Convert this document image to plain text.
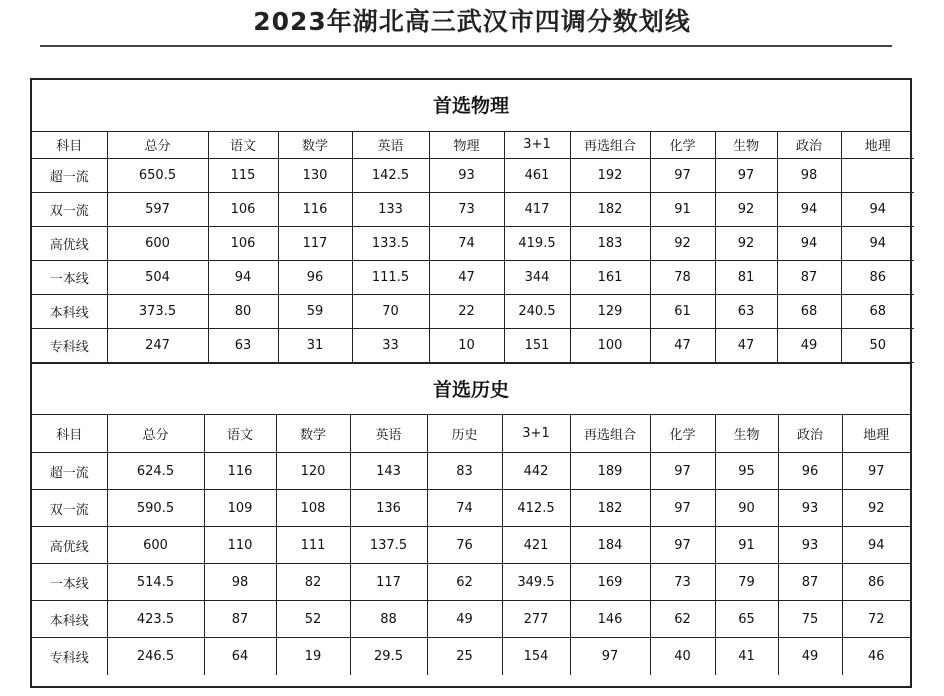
2023年湖北高三武汉市四调分数划线
首选物理
科目	总分	语文	数学	英语	物理	3+1	再选组合	化学	生物	政治	地理
超一流	650.5	115	130	142.5	93	461	192	97	97	98	
双一流	597	106	116	133	73	417	182	91	92	94	94
高优线	600	106	117	133.5	74	419.5	183	92	92	94	94
一本线	504	94	96	111.5	47	344	161	78	81	87	86
本科线	373.5	80	59	70	22	240.5	129	61	63	68	68
专科线	247	63	31	33	10	151	100	47	47	49	50
首选历史
科目	总分	语文	数学	英语	历史	3+1	再选组合	化学	生物	政治	地理
超一流	624.5	116	120	143	83	442	189	97	95	96	97
双一流	590.5	109	108	136	74	412.5	182	97	90	93	92
高优线	600	110	111	137.5	76	421	184	97	91	93	94
一本线	514.5	98	82	117	62	349.5	169	73	79	87	86
本科线	423.5	87	52	88	49	277	146	62	65	75	72
专科线	246.5	64	19	29.5	25	154	97	40	41	49	46
